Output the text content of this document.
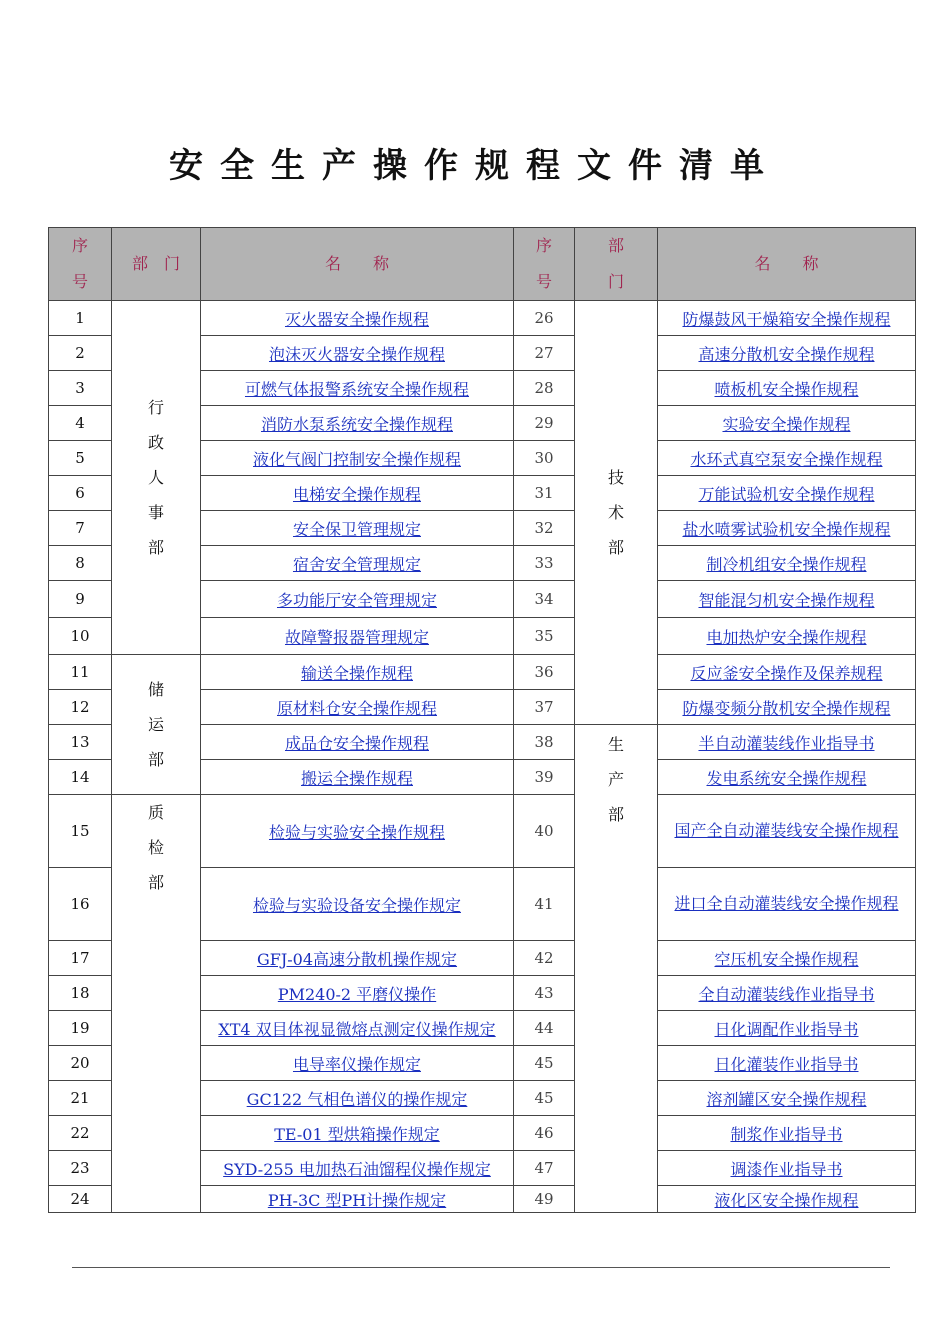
安全生产操作规程文件清单
序号	部　门	名　　称	序号	部门	名　　称
1	行政人事部	灭火器安全操作规程	26	技术部	防爆鼓风干燥箱安全操作规程
2		泡沫灭火器安全操作规程	27		高速分散机安全操作规程
3		可燃气体报警系统安全操作规程	28		喷板机安全操作规程
4		消防水泵系统安全操作规程	29		实验安全操作规程
5		液化气阀门控制安全操作规程	30		水环式真空泵安全操作规程
6		电梯安全操作规程	31		万能试验机安全操作规程
7		安全保卫管理规定	32		盐水喷雾试验机安全操作规程
8		宿舍安全管理规定	33		制冷机组安全操作规程
9		多功能厅安全管理规定	34		智能混匀机安全操作规程
10		故障警报器管理规定	35		电加热炉安全操作规程
11	储运部	输送全操作规程	36		反应釜安全操作及保养规程
12		原材料仓安全操作规程	37		防爆变频分散机安全操作规程
13		成品仓安全操作规程	38	生产部	半自动灌装线作业指导书
14		搬运全操作规程	39		发电系统安全操作规程
15	质检部	检验与实验安全操作规程	40		国产全自动灌装线安全操作规程
16		检验与实验设备安全操作规定	41		进口全自动灌装线安全操作规程
17		GFJ-04高速分散机操作规定	42		空压机安全操作规程
18		PM240-2 平磨仪操作	43		全自动灌装线作业指导书
19		XT4 双目体视显微熔点测定仪操作规定	44		日化调配作业指导书
20		电导率仪操作规定	45		日化灌装作业指导书
21		GC122 气相色谱仪的操作规定	45		溶剂罐区安全操作规程
22		TE-01 型烘箱操作规定	46		制浆作业指导书
23		SYD-255 电加热石油馏程仪操作规定	47		调漆作业指导书
24		PH-3C 型PH计操作规定	49		液化区安全操作规程
